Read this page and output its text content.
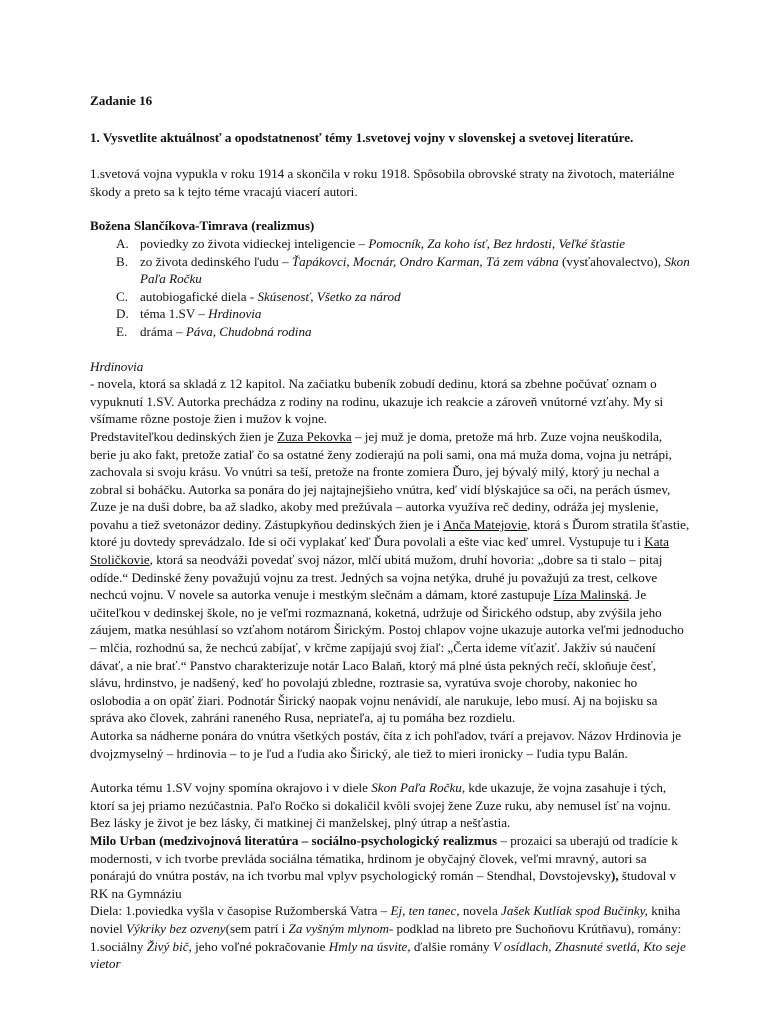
Zadanie 16

1. Vysvetlite aktuálnosť a opodstatnenosť témy 1.svetovej vojny v slovenskej a svetovej literatúre.

1.svetová vojna vypukla v roku 1914 a skončila v roku 1918. Spôsobila obrovské straty na životoch, materiálne škody a preto sa k tejto téme vracajú viacerí autori.

Božena Slančíkova-Timrava (realizmus)

A. poviedky zo života vidieckej inteligencie – Pomocník, Za koho ísť, Bez hrdosti, Veľké šťastie
B. zo života dedinského ľudu – Ťapákovci, Mocnár, Ondro Karman, Tá zem vábna (vysťahovalectvo), Skon Paľa Ročku
C. autobiogafické diela - Skúsenosť, Všetko za národ
D. téma 1.SV – Hrdinovia
E. dráma – Páva, Chudobná rodina

Hrdinovia

- novela, ktorá sa skladá z 12 kapitol. Na začiatku bubeník zobudí dedinu, ktorá sa zbehne počúvať oznam o vypuknutí 1.SV. Autorka prechádza z rodiny na rodinu, ukazuje ich reakcie a zároveň vnútorné vzťahy. My si všímame rôzne postoje žien i mužov k vojne.

Predstaviteľkou dedinských žien je Zuza Pekovka – jej muž je doma, pretože má hrb. Zuze vojna neuškodila, berie ju ako fakt, pretože zatiaľ čo sa ostatné ženy zodierajú na poli sami, ona má muža doma, vojna ju netrápi, zachovala si svoju krásu. Vo vnútri sa teší, pretože na fronte zomiera Ďuro, jej bývalý milý, ktorý ju nechal a zobral si boháčku. Autorka sa ponára do jej najtajnejšieho vnútra, keď vidí blýskajúce sa oči, na perách úsmev, Zuze je na duši dobre, ba až sladko, akoby med prežúvala – autorka využíva reč dediny, odráža jej myslenie, povahu a tiež svetonázor dediny. Zástupkyňou dedinských žien je i Anča Matejovie, ktorá s Ďurom stratila šťastie, ktoré ju dovtedy sprevádzalo. Ide si oči vyplakať keď Ďura povolali a ešte viac keď umrel. Vystupuje tu i Kata Stoličkovie, ktorá sa neodváži povedať svoj názor, mlčí ubitá mužom, druhí hovoria: „dobre sa ti stalo – pitaj odíde.“ Dedinské ženy považujú vojnu za trest. Jedných sa vojna netýka, druhé ju považujú za trest, celkove nechcú vojnu. V novele sa autorka venuje i mestkým slečnám a dámam, ktoré zastupuje Líza Malinská. Je učiteľkou v dedinskej škole, no je veľmi rozmaznaná, koketná, udržuje od Širického odstup, aby zvýšila jeho záujem, matka nesúhlasí so vzťahom notárom Širickým. Postoj chlapov vojne ukazuje autorka veľmi jednoducho – mlčia, rozhodnú sa, že nechcú zabíjať, v krčme zapíjajú svoj žiaľ: „Čerta ideme víťaziť. Jakživ sú naučení dávať, a nie brať.“ Panstvo charakterizuje notár Laco Balaň, ktorý má plné ústa pekných rečí, skloňuje česť, slávu, hrdinstvo, je nadšený, keď ho povolajú zbledne, roztrasie sa, vyratúva svoje choroby, nakoniec ho oslobodia a on opäť žiari. Podnotár Širický naopak vojnu nenávidí, ale narukuje, lebo musí. Aj na bojisku sa správa ako človek, zahráni raneného Rusa, nepriateľa, aj tu pomáha bez rozdielu.

Autorka sa nádherne ponára do vnútra všetkých postáv, číta z ich pohľadov, tvárí a prejavov. Názov Hrdinovia je dvojzmyselný – hrdinovia – to je ľud a ľudia ako Širický, ale tiež to mieri ironicky – ľudia typu Balán.

Autorka tému 1.SV vojny spomína okrajovo i v diele Skon Paľa Ročku, kde ukazuje, že vojna zasahuje i tých, ktorí sa jej priamo nezúčastnia. Paľo Ročko si dokaličil kvôli svojej žene Zuze ruku, aby nemusel ísť na vojnu. Bez lásky je život je bez lásky, či matkinej či manželskej, plný útrap a nešťastia.

Milo Urban (medzivojnová literatúra – sociálno-psychologický realizmus – prozaici sa uberajú od tradície k modernosti, v ich tvorbe prevláda sociálna tématika, hrdinom je obyčajný človek, veľmi mravný, autori sa ponárajú do vnútra postáv, na ich tvorbu mal vplyv psychologický román – Stendhal, Dovstojevsky), študoval v RK na Gymnáziu

Diela: 1.poviedka vyšla v časopise Ružomberská Vatra – Ej, ten tanec, novela Jašek Kutlíak spod Bučinky, kniha noviel Výkriky bez ozveny(sem patrí i Za vyšným mlynom- podklad na libreto pre Suchoňovu Krútňavu), romány: 1.sociálny Živý bič, jeho voľné pokračovanie Hmly na úsvite, ďalšie romány V osídlach, Zhasnuté svetlá, Kto seje vietor
